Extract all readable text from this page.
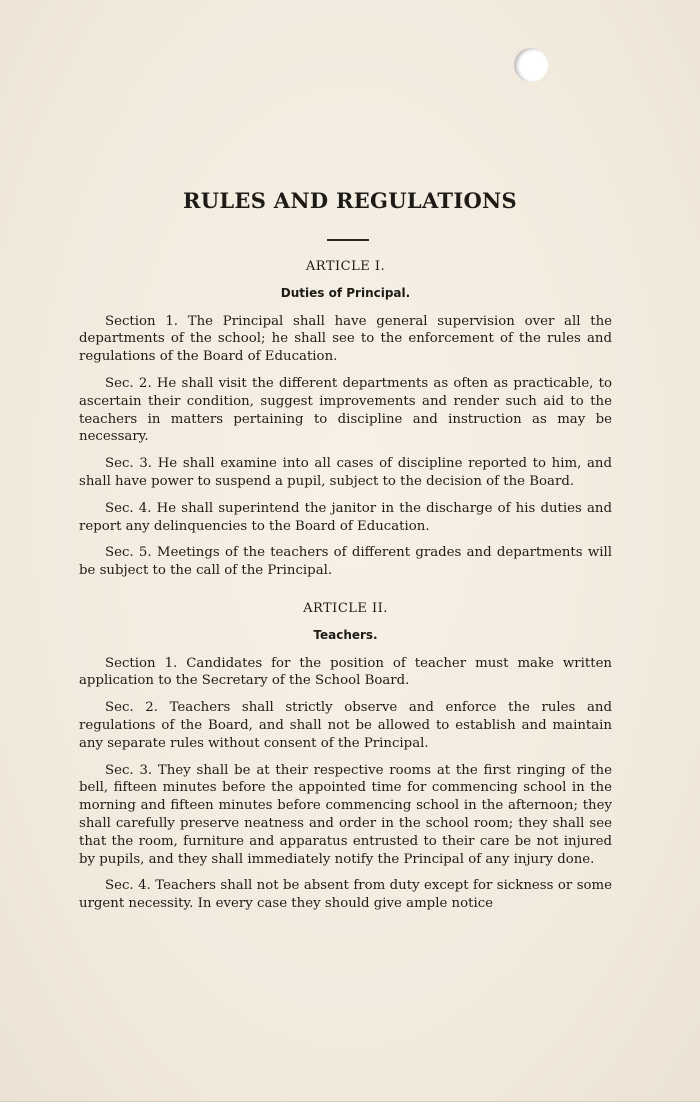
RULES AND REGULATIONS
ARTICLE I.
Duties of Principal.

Section 1. The Principal shall have general supervision over all the departments of the school; he shall see to the enforcement of the rules and regulations of the Board of Education.

Sec. 2. He shall visit the different departments as often as practicable, to ascertain their condition, suggest improvements and render such aid to the teachers in matters pertaining to discipline and instruction as may be necessary.

Sec. 3. He shall examine into all cases of discipline reported to him, and shall have power to suspend a pupil, subject to the decision of the Board.

Sec. 4. He shall superintend the janitor in the discharge of his duties and report any delinquencies to the Board of Education.

Sec. 5. Meetings of the teachers of different grades and departments will be subject to the call of the Principal.

ARTICLE II.
Teachers.

Section 1. Candidates for the position of teacher must make written application to the Secretary of the School Board.

Sec. 2. Teachers shall strictly observe and enforce the rules and regulations of the Board, and shall not be allowed to establish and maintain any separate rules without consent of the Principal.

Sec. 3. They shall be at their respective rooms at the first ringing of the bell, fifteen minutes before the appointed time for commencing school in the morning and fifteen minutes before commencing school in the afternoon; they shall carefully preserve neatness and order in the school room; they shall see that the room, furniture and apparatus entrusted to their care be not injured by pupils, and they shall immediately notify the Principal of any injury done.

Sec. 4. Teachers shall not be absent from duty except for sickness or some urgent necessity. In every case they should give ample notice
